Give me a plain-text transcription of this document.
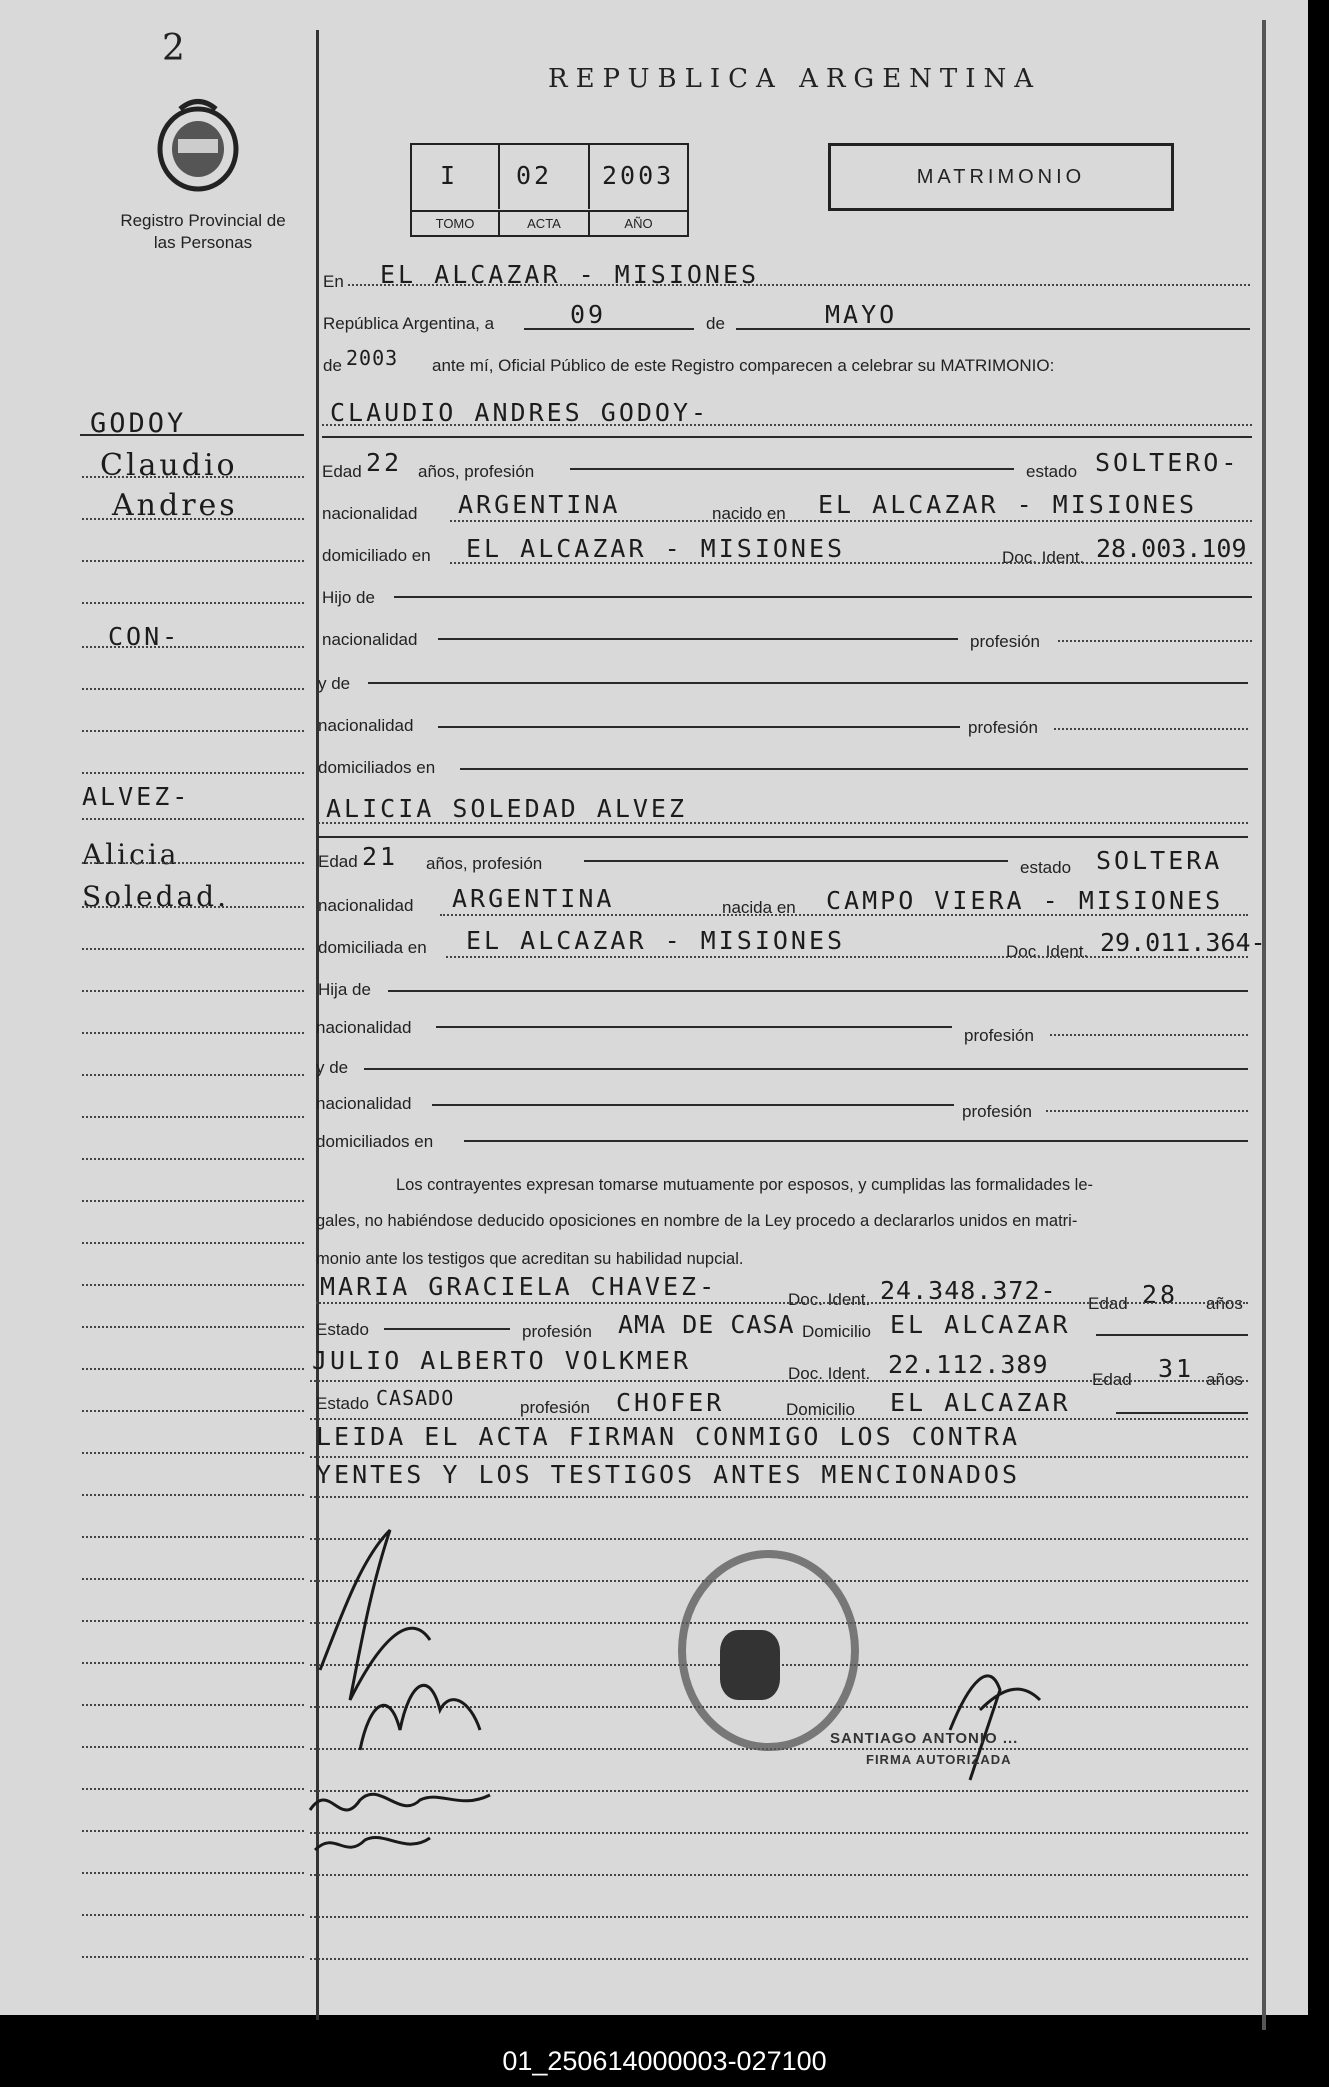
2
Registro Provincial de las Personas
REPUBLICA ARGENTINA
I 02 2003
TOMO	ACTA	AÑO
MATRIMONIO
GODOY
Claudio
Andres
CON-
ALVEZ-
Alicia
Soledad.
En EL ALCAZAR - MISIONES
República Argentina, a	09	de	MAYO
de 2003 ante mí, Oficial Público de este Registro comparecen a celebrar su MATRIMONIO:
CLAUDIO ANDRES GODOY-
Edad 22 años, profesión	estado SOLTERO-
nacionalidad ARGENTINA	nacido en EL ALCAZAR - MISIONES
domiciliado en EL ALCAZAR - MISIONES	Doc. Ident. 28.003.109
Hijo de
nacionalidad	profesión
y de
nacionalidad	profesión
domiciliados en
ALICIA SOLEDAD ALVEZ
Edad 21 años, profesión	estado SOLTERA
nacionalidad ARGENTINA	nacida en CAMPO VIERA - MISIONES
domiciliada en EL ALCAZAR - MISIONES	Doc. Ident. 29.011.364-
Hija de
nacionalidad	profesión
y de
nacionalidad	profesión
domiciliados en
Los contrayentes expresan tomarse mutuamente por esposos, y cumplidas las formalidades le-
gales, no habiéndose deducido oposiciones en nombre de la Ley procedo a declararlos unidos en matri-
monio ante los testigos que acreditan su habilidad nupcial.
MARIA GRACIELA CHAVEZ-	Doc. Ident. 24.348.372- Edad 28 años
Estado	profesión AMA DE CASA Domicilio EL ALCAZAR
JULIO ALBERTO VOLKMER	Doc. Ident. 22.112.389
Edad 31 años
Estado CASADO	profesión CHOFER	Domicilio EL ALCAZAR
LEIDA EL ACTA FIRMAN CONMIGO LOS CONTRA
YENTES Y LOS TESTIGOS ANTES MENCIONADOS
SANTIAGO ANTONIO ...
FIRMA AUTORIZADA
01_250614000003-027100
